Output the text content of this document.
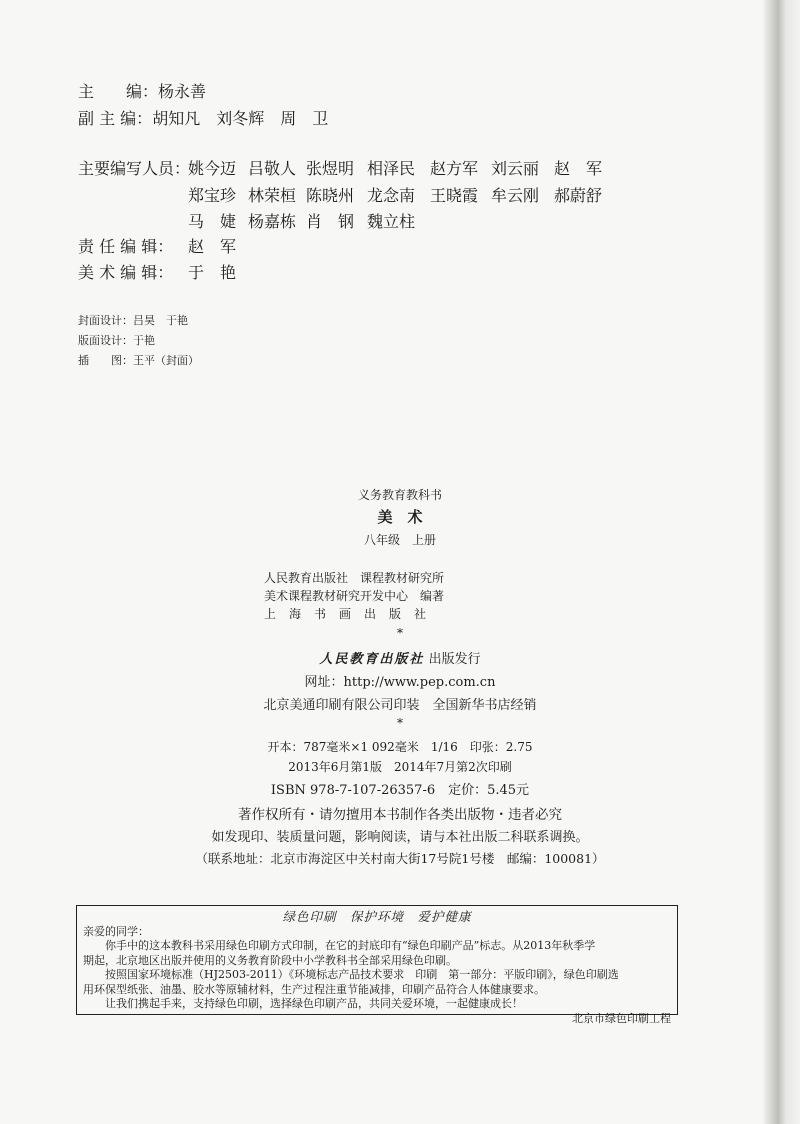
主　　编：杨永善
副 主 编：胡知凡　刘冬辉　周　卫
主要编写人员：姚今迈 吕敬人 张煜明 相泽民 赵方军 刘云丽 赵　军
郑宝珍 林荣桓 陈晓州 龙念南 王晓霞 牟云刚 郝蔚舒
马　婕 杨嘉栋 肖　钢 魏立柱
责 任 编 辑： 赵　军
美 术 编 辑： 于　艳
封面设计：吕昊　于艳
版面设计：于艳
插　　图：王平（封面）
义务教育教科书
美　术
八年级　上册
人民教育出版社　课程教材研究所
美术课程教材研究开发中心　编著
上　海　书　画　出　版　社
*
人民教育出版社 出版发行
网址：http://www.pep.com.cn
北京美通印刷有限公司印装　全国新华书店经销
*
开本：787毫米×1 092毫米　1/16　印张：2.75
2013年6月第1版　2014年7月第2次印刷
ISBN 978-7-107-26357-6　定价：5.45元
著作权所有・请勿擅用本书制作各类出版物・违者必究
如发现印、装质量问题，影响阅读，请与本社出版二科联系调换。
（联系地址：北京市海淀区中关村南大街17号院1号楼　邮编：100081）
绿色印刷　保护环境　爱护健康

亲爱的同学：

你手中的这本教科书采用绿色印刷方式印制，在它的封底印有“绿色印刷产品”标志。从2013年秋季学

期起，北京地区出版并使用的义务教育阶段中小学教科书全部采用绿色印刷。

按照国家环境标准（HJ2503-2011）《环境标志产品技术要求　印刷　第一部分：平版印刷》，绿色印刷选

用环保型纸张、油墨、胶水等原辅材料，生产过程注重节能减排，印刷产品符合人体健康要求。

让我们携起手来，支持绿色印刷，选择绿色印刷产品，共同关爱环境，一起健康成长！

北京市绿色印刷工程
